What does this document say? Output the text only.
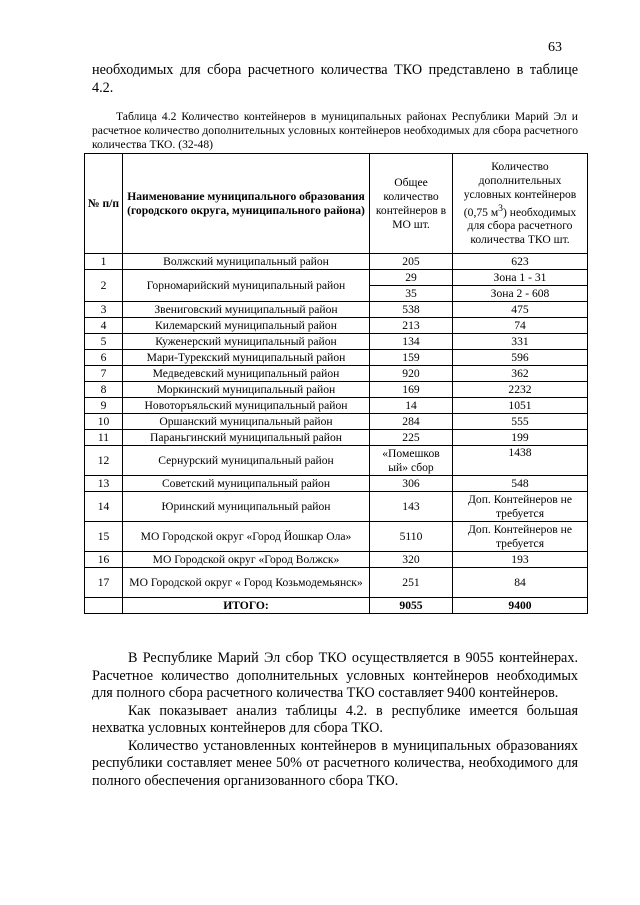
63

необходимых для сбора расчетного количества ТКО представлено в таблице 4.2.

Таблица 4.2 Количество контейнеров в муниципальных районах Республики Марий Эл и расчетное количество дополнительных условных контейнеров необходимых для сбора расчетного количества ТКО. (32-48)

№ п/п	Наименование муниципального образования (городского округа, муниципального района)	Общее количество контейнеров в МО шт.	Количество дополнительных условных контейнеров (0,75 $м^3$) необходимых для сбора расчетного количества ТКО шт.
1	Волжский муниципальный район	205	623
2	Горномарийский муниципальный район	29	Зона 1 - 31
		35	Зона 2 - 608
3	Звениговский муниципальный район	538	475
4	Килемарский муниципальный район	213	74
5	Куженерский муниципальный район	134	331
6	Мари-Турекский муниципальный район	159	596
7	Медведевский муниципальный район	920	362
8	Моркинский муниципальный район	169	2232
9	Новоторъяльский муниципальный район	14	1051
10	Оршанский муниципальный район	284	555
11	Параньгинский муниципальный район	225	199
12	Сернурский муниципальный район	«Помешков ый» сбор	1438
13	Советский муниципальный район	306	548
14	Юринский муниципальный район	143	Доп. Контейнеров не требуется
15	МО Городской округ «Город Йошкар Ола»	5110	Доп. Контейнеров не требуется
16	МО Городской округ «Город Волжск»	320	193
17	МО Городской округ « Город Козьмодемьянск»	251	84
	ИТОГО:	9055	9400

В Республике Марий Эл сбор ТКО осуществляется в 9055 контейнерах. Расчетное количество дополнительных условных контейнеров необходимых для полного сбора расчетного количества ТКО составляет 9400 контейнеров.

Как показывает анализ таблицы 4.2. в республике имеется большая нехватка условных контейнеров для сбора ТКО.

Количество установленных контейнеров в муниципальных образованиях республики составляет менее 50% от расчетного количества, необходимого для полного обеспечения организованного сбора ТКО.
